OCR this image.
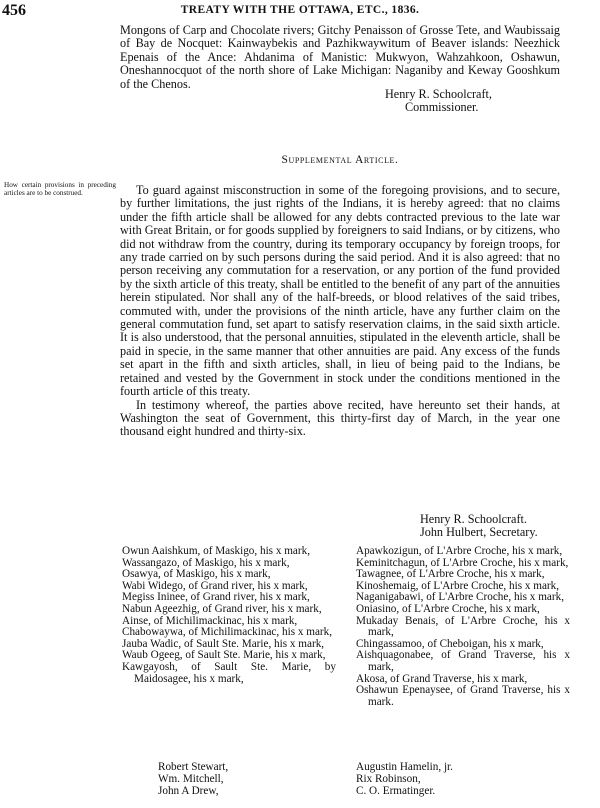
456	TREATY WITH THE OTTAWA, ETC., 1836.
Mongons of Carp and Chocolate rivers; Gitchy Penaisson of Grosse Tete, and Waubissaig of Bay de Nocquet: Kainwaybekis and Pazhikwaywitum of Beaver islands: Neezhick Epenais of the Ance: Ahdanima of Manistic: Mukwyon, Wahzahkoon, Oshawun, Oneshannocquot of the north shore of Lake Michigan: Naganiby and Keway Gooshkum of the Chenos.
Henry R. Schoolcraft,
Commissioner.
Supplemental Article.
How certain provisions in preceding articles are to be construed.	To guard against misconstruction in some of the foregoing provisions, and to secure, by further limitations, the just rights of the Indians, it is hereby agreed: that no claims under the fifth article shall be allowed for any debts contracted previous to the late war with Great Britain, or for goods supplied by foreigners to said Indians, or by citizens, who did not withdraw from the country, during its temporary occupancy by foreign troops, for any trade carried on by such persons during the said period. And it is also agreed: that no person receiving any commutation for a reservation, or any portion of the fund provided by the sixth article of this treaty, shall be entitled to the benefit of any part of the annuities herein stipulated. Nor shall any of the half-breeds, or blood relatives of the said tribes, commuted with, under the provisions of the ninth article, have any further claim on the general commutation fund, set apart to satisfy reservation claims, in the said sixth article. It is also understood, that the personal annuities, stipulated in the eleventh article, shall be paid in specie, in the same manner that other annuities are paid. Any excess of the funds set apart in the fifth and sixth articles, shall, in lieu of being paid to the Indians, be retained and vested by the Government in stock under the conditions mentioned in the fourth article of this treaty.

In testimony whereof, the parties above recited, have hereunto set their hands, at Washington the seat of Government, this thirty-first day of March, in the year one thousand eight hundred and thirty-six.

Henry R. Schoolcraft.
John Hulbert, Secretary.
Owun Aaishkum, of Maskigo, his x mark,
Wassangazo, of Maskigo, his x mark,
Osawya, of Maskigo, his x mark,
Wabi Widego, of Grand river, his x mark,
Megiss Ininee, of Grand river, his x mark,
Nabun Ageezhig, of Grand river, his x mark,
Ainse, of Michilimackinac, his x mark,
Chabowaywa, of Michilimackinac, his x mark,
Jauba Wadic, of Sault Ste. Marie, his x mark,
Waub Ogeeg, of Sault Ste. Marie, his x mark,
Kawgayosh, of Sault Ste. Marie, by Maidosagee, his x mark,
Apawkozigun, of L'Arbre Croche, his x mark,
Keminitchagun, of L'Arbre Croche, his x mark,
Tawagnee, of L'Arbre Croche, his x mark,
Kinoshemaig, of L'Arbre Croche, his x mark,
Naganigabawi, of L'Arbre Croche, his x mark,
Oniasino, of L'Arbre Croche, his x mark,
Mukaday Benais, of L'Arbre Croche, his x mark,
Chingassamoo, of Cheboigan, his x mark,
Aishquagonabee, of Grand Traverse, his x mark,
Akosa, of Grand Traverse, his x mark,
Oshawun Epenaysee, of Grand Traverse, his x mark.
Robert Stewart,
Wm. Mitchell,
John A Drew,
Augustin Hamelin, jr.
Rix Robinson,
C. O. Ermatinger.
